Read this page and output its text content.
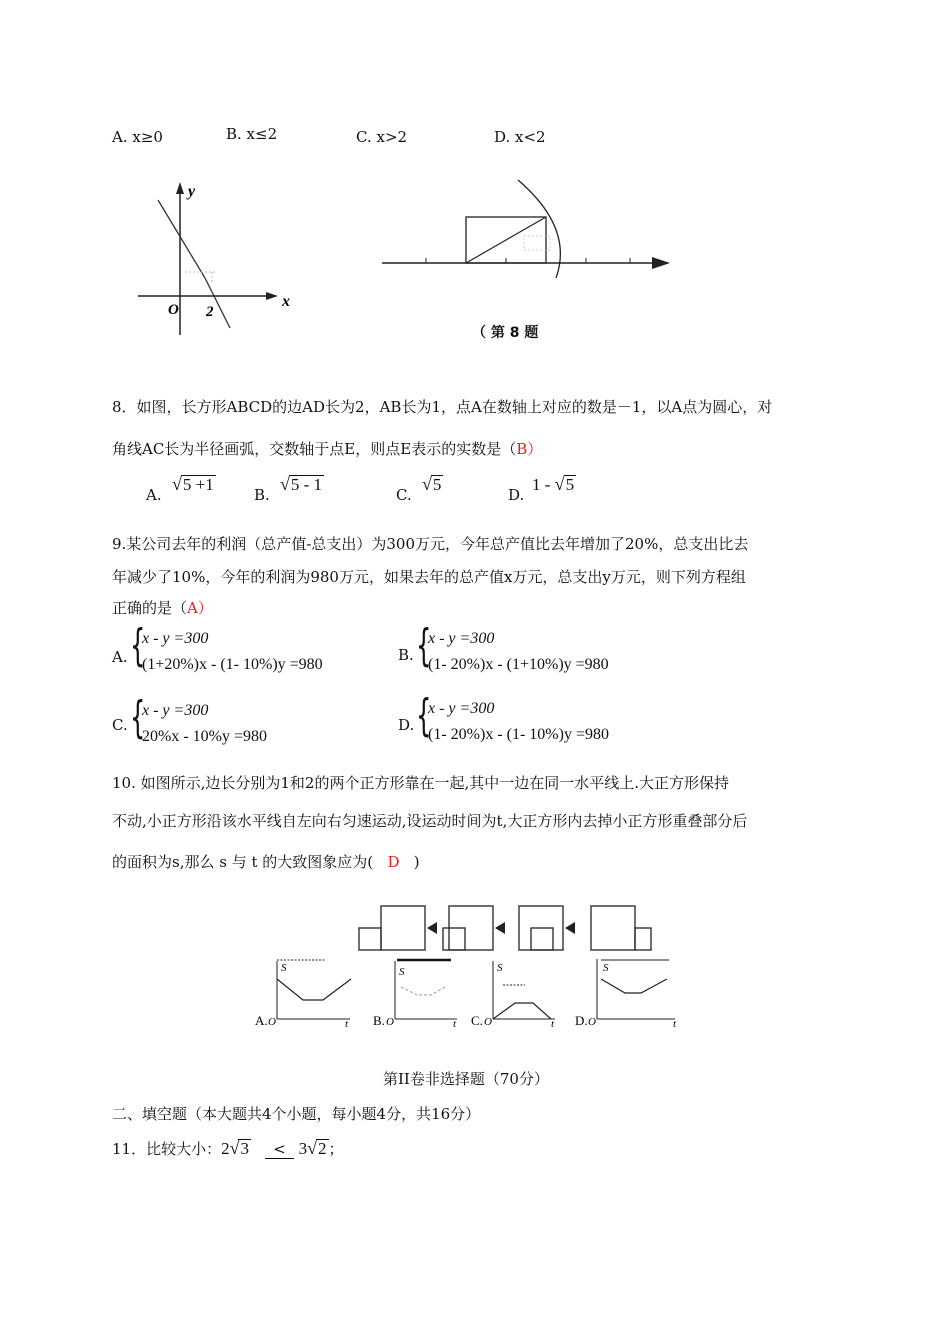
A. x≥0	B. x≤2	C. x>2	D. x<2
y
x
O 2
（ 第 8 题
8．如图，长方形ABCD的边AD长为2，AB长为1，点A在数轴上对应的数是－1，以A点为圆心，对
角线AC长为半径画弧，交数轴于点E，则点E表示的实数是（B）
A.
√5 +1
B.
√5 - 1
C.
√5
D.
1 - √5
9.某公司去年的利润（总产值-总支出）为300万元，今年总产值比去年增加了20%，总支出比去
年减少了10%，今年的利润为980万元，如果去年的总产值x万元，总支出y万元，则下列方程组
正确的是（A）
A. {
x - y =300
(1+20%)x - (1- 10%)y =980
B. {
x - y =300
(1- 20%)x - (1+10%)y =980
C. {
x - y =300
20%x - 10%y =980
D. {
x - y =300
(1- 20%)x - (1- 10%)y =980
10. 如图所示,边长分别为1和2的两个正方形靠在一起,其中一边在同一水平线上.大正方形保持
不动,小正方形沿该水平线自左向右匀速运动,设运动时间为t,大正方形内去掉小正方形重叠部分后
的面积为s,那么 s 与 t 的大致图象应为( D )
A. O
S
t B. O
S
t C. O
S
t D. O
S
t
第II卷非选择题（70分）
二、填空题（本大题共4个小题，每小题4分，共16分）
11．比较大小：2√3 < 3√2 ；
